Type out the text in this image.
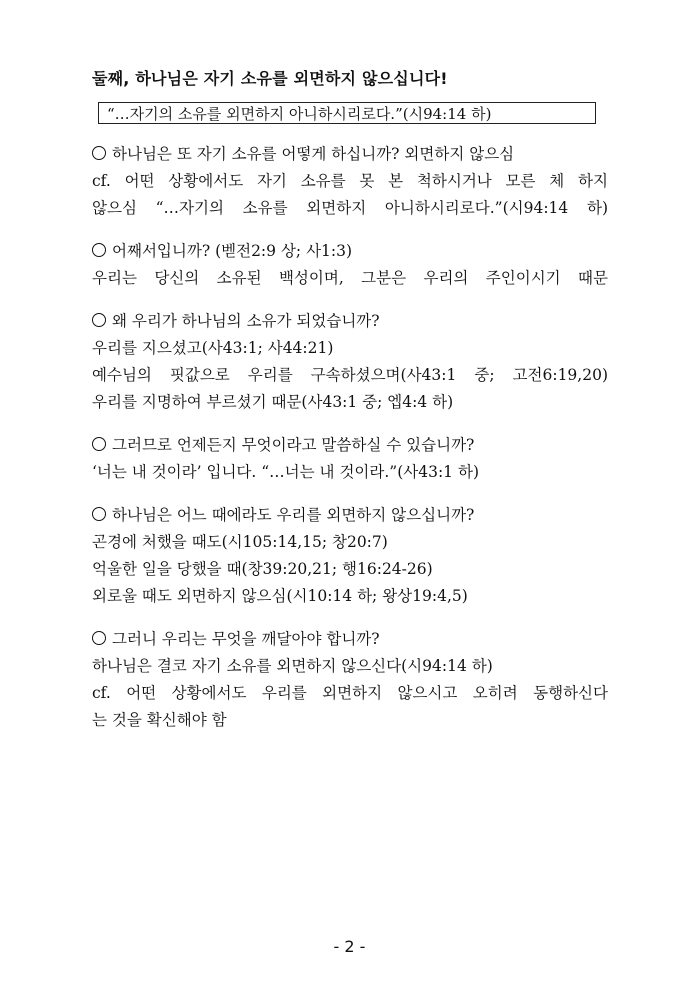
둘째, 하나님은 자기 소유를 외면하지 않으십니다!
“…자기의 소유를 외면하지 아니하시리로다.”(시94:14 하)
하나님은 또 자기 소유를 어떻게 하십니까? 외면하지 않으심
cf. 어떤 상황에서도 자기 소유를 못 본 척하시거나 모른 체 하지
않으심 “…자기의 소유를 외면하지 아니하시리로다.”(시94:14 하)
어째서입니까? (벧전2:9 상; 사1:3)
우리는 당신의 소유된 백성이며, 그분은 우리의 주인이시기 때문
왜 우리가 하나님의 소유가 되었습니까?
우리를 지으셨고(사43:1; 사44:21)
예수님의 핏값으로 우리를 구속하셨으며(사43:1 중; 고전6:19,20)
우리를 지명하여 부르셨기 때문(사43:1 중; 엡4:4 하)
그러므로 언제든지 무엇이라고 말씀하실 수 있습니까?
‘너는 내 것이라’ 입니다. “…너는 내 것이라.”(사43:1 하)
하나님은 어느 때에라도 우리를 외면하지 않으십니까?
곤경에 처했을 때도(시105:14,15; 창20:7)
억울한 일을 당했을 때(창39:20,21; 행16:24-26)
외로울 때도 외면하지 않으심(시10:14 하; 왕상19:4,5)
그러니 우리는 무엇을 깨달아야 합니까?
하나님은 결코 자기 소유를 외면하지 않으신다(시94:14 하)
cf. 어떤 상황에서도 우리를 외면하지 않으시고 오히려 동행하신다
는 것을 확신해야 함
- 2 -
